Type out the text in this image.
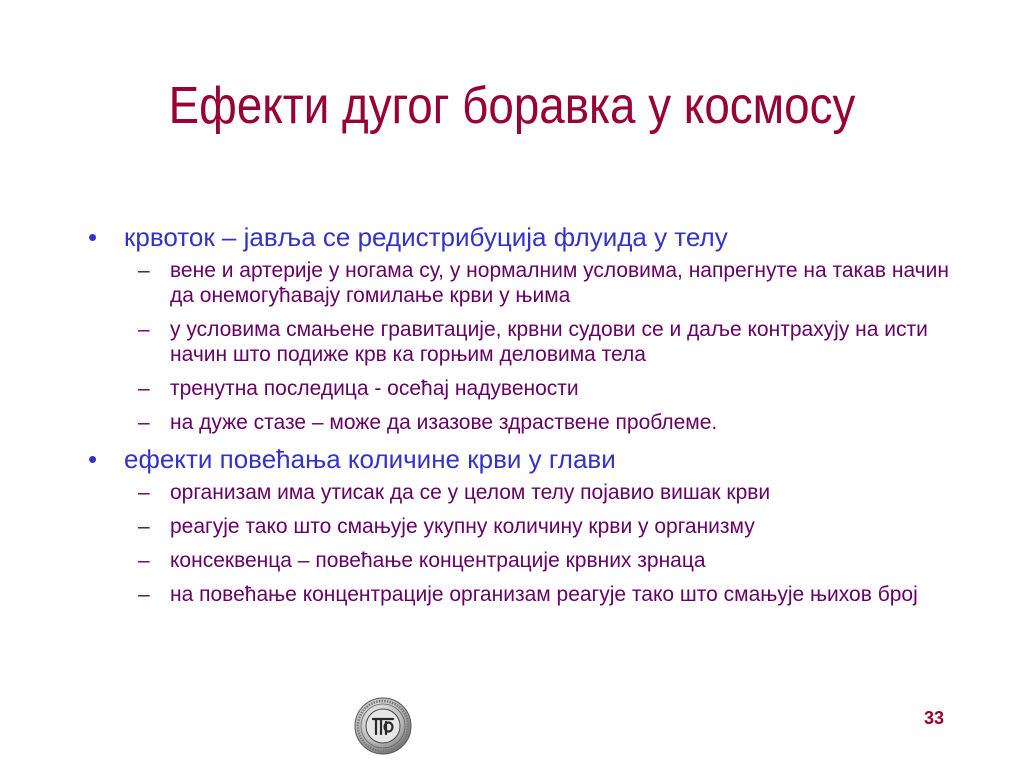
Ефекти дугог боравка у космосу
• крвоток – јавља се редистрибуција флуида у телу
– вене и артерије у ногама су, у нормалним условима, напрегнуте на такав начин да онемогућавају гомилање крви у њима
– у условима смањене гравитације, крвни судови се и даље контрахују на исти начин што подиже крв ка горњим деловима тела
– тренутна последица - осећај надувености
– на дуже стазе – може да изазове здраствене проблеме.
• ефекти повећања количине крви у глави
– организам има утисак да се у целом телу појавио вишак крви
– реагује тако што смањује укупну количину крви у организму
– консеквенца – повећање концентрације крвних зрнаца
– на повећање концентрације организам реагује тако што смањује њихов број
33
